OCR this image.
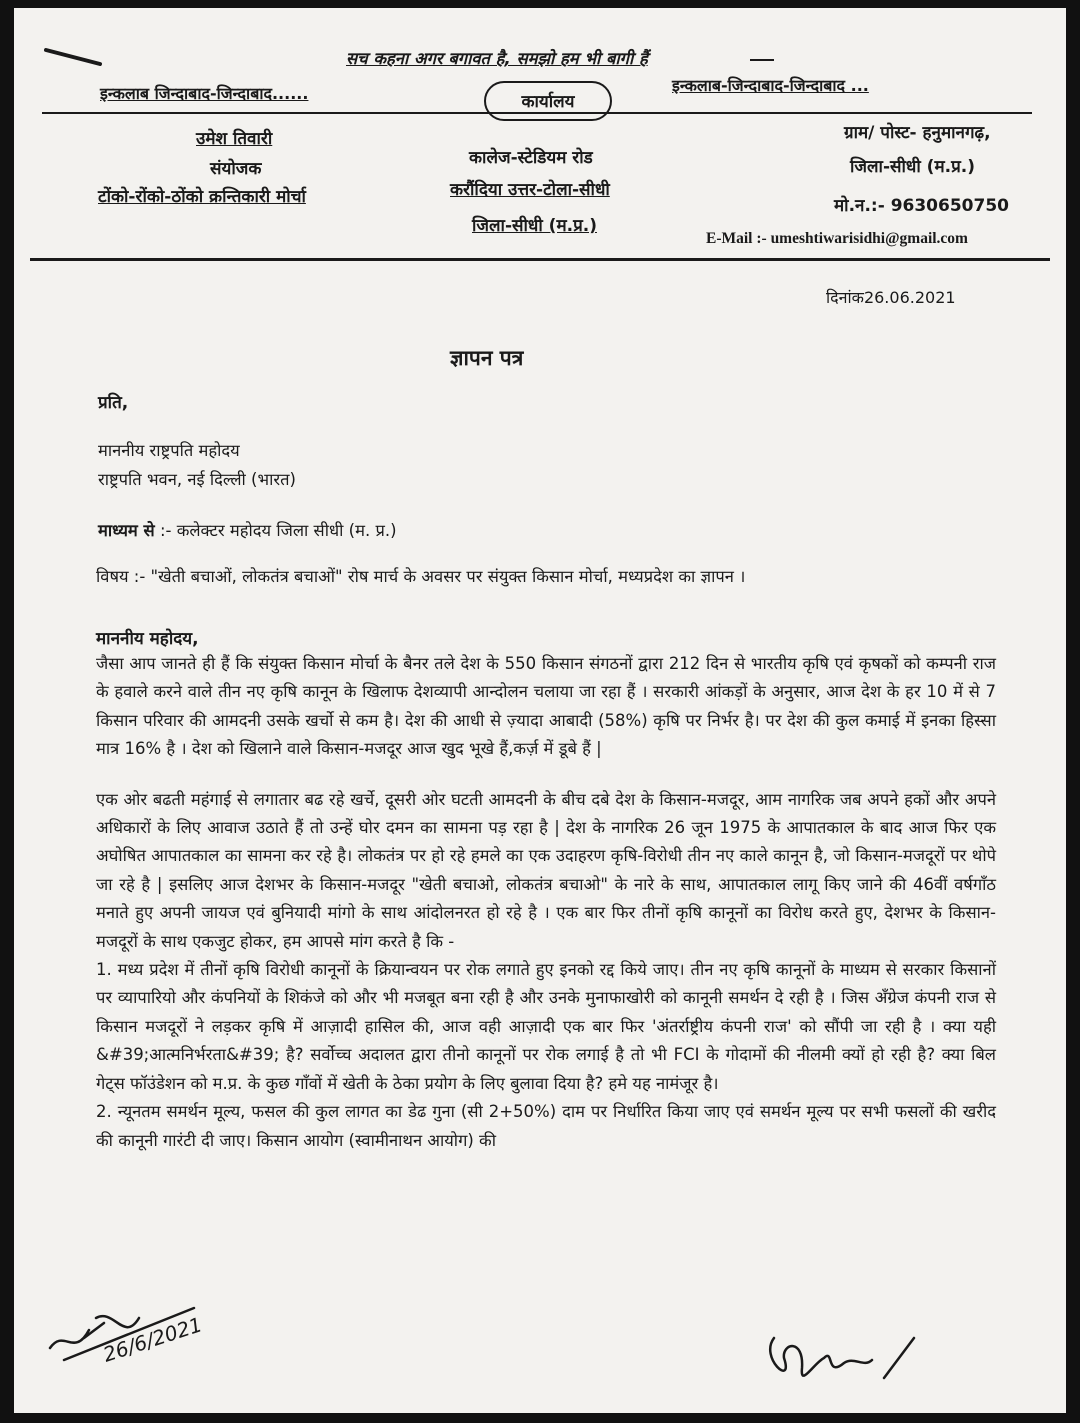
सच कहना अगर बगावत है, समझो हम भी बागी हैं
इन्कलाब जिन्दाबाद-जिन्दाबाद......	इन्कलाब-जिन्दाबाद-जिन्दाबाद ...
कार्यालय
उमेश तिवारी
संयोजक
टोंको-रोंको-ठोंको क्रन्तिकारी मोर्चा
कालेज-स्टेडियम रोड
करौंदिया उत्तर-टोला-सीधी
जिला-सीधी (म.प्र.)
ग्राम/ पोस्ट- हनुमानगढ़,
जिला-सीधी (म.प्र.)
मो.न.:- 9630650750
E-Mail :- umeshtiwarisidhi@gmail.com
दिनांक26.06.2021
ज्ञापन पत्र
प्रति,
माननीय राष्ट्रपति महोदय
राष्ट्रपति भवन, नई दिल्ली (भारत)
माध्यम से :- कलेक्टर महोदय जिला सीधी (म. प्र.)
विषय :- "खेती बचाओं, लोकतंत्र बचाओं" रोष मार्च के अवसर पर संयुक्त किसान मोर्चा, मध्यप्रदेश का ज्ञापन ।
माननीय महोदय,

जैसा आप जानते ही हैं कि संयुक्त किसान मोर्चा के बैनर तले देश के 550 किसान संगठनों द्वारा 212 दिन से भारतीय कृषि एवं कृषकों को कम्पनी राज के हवाले करने वाले तीन नए कृषि कानून के खिलाफ देशव्यापी आन्दोलन चलाया जा रहा हैं । सरकारी आंकड़ों के अनुसार, आज देश के हर 10 में से 7 किसान परिवार की आमदनी उसके खर्चो से कम है। देश की आधी से ज़्यादा आबादी (58%) कृषि पर निर्भर है। पर देश की कुल कमाई में इनका हिस्सा मात्र 16% है । देश को खिलाने वाले किसान-मजदूर आज खुद भूखे हैं,कर्ज़ में डूबे हैं |

एक ओर बढती महंगाई से लगातार बढ रहे खर्चे, दूसरी ओर घटती आमदनी के बीच दबे देश के किसान-मजदूर, आम नागरिक जब अपने हकों और अपने अधिकारों के लिए आवाज उठाते हैं तो उन्हें घोर दमन का सामना पड़ रहा है | देश के नागरिक 26 जून 1975 के आपातकाल के बाद आज फिर एक अघोषित आपातकाल का सामना कर रहे है। लोकतंत्र पर हो रहे हमले का एक उदाहरण कृषि-विरोधी तीन नए काले कानून है, जो किसान-मजदूरों पर थोपे जा रहे है | इसलिए आज देशभर के किसान-मजदूर "खेती बचाओ, लोकतंत्र बचाओ" के नारे के साथ, आपातकाल लागू किए जाने की 46वीं वर्षगाँठ मनाते हुए अपनी जायज एवं बुनियादी मांगो के साथ आंदोलनरत हो रहे है । एक बार फिर तीनों कृषि कानूनों का विरोध करते हुए, देशभर के किसान-मजदूरों के साथ एकजुट होकर, हम आपसे मांग करते है कि -

1. मध्य प्रदेश में तीनों कृषि विरोधी कानूनों के क्रियान्वयन पर रोक लगाते हुए इनको रद्द किये जाए। तीन नए कृषि कानूनों के माध्यम से सरकार किसानों पर व्यापारियो और कंपनियों के शिकंजे को और भी मजबूत बना रही है और उनके मुनाफाखोरी को कानूनी समर्थन दे रही है । जिस अँग्रेज कंपनी राज से किसान मजदूरों ने लड़कर कृषि में आज़ादी हासिल की, आज वही आज़ादी एक बार फिर 'अंतर्राष्ट्रीय कंपनी राज' को सौंपी जा रही है । क्या यही &#39;आत्मनिर्भरता&#39; है? सर्वोच्च अदालत द्वारा तीनो कानूनों पर रोक लगाई है तो भी FCI के गोदामों की नीलमी क्यों हो रही है? क्या बिल गेट्स फॉउंडेशन को म.प्र. के कुछ गाँवों में खेती के ठेका प्रयोग के लिए बुलावा दिया है? हमे यह नामंजूर है।

2. न्यूनतम समर्थन मूल्य, फसल की कुल लागत का डेढ गुना (सी 2+50%) दाम पर निर्धारित किया जाए एवं समर्थन मूल्य पर सभी फसलों की खरीद की कानूनी गारंटी दी जाए। किसान आयोग (स्वामीनाथन आयोग) की

26/6/2021
